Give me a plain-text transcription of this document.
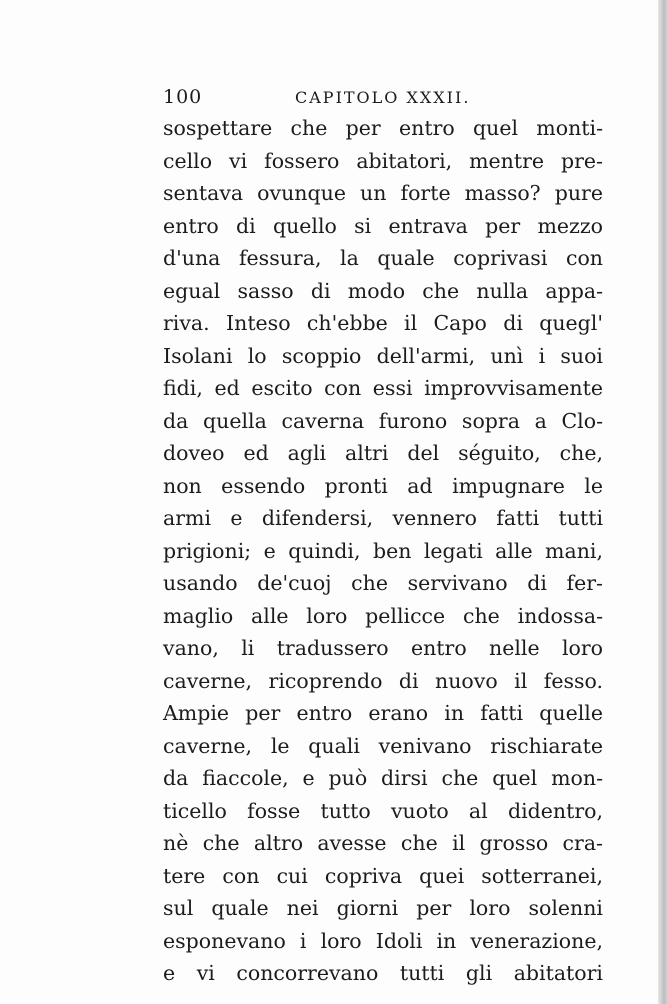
100	CAPITOLO XXXII.
sospettare che per entro quel monti-
cello vi fossero abitatori, mentre pre-
sentava ovunque un forte masso? pure
entro di quello si entrava per mezzo
d'una fessura, la quale coprivasi con
egual sasso di modo che nulla appa-
riva. Inteso ch'ebbe il Capo di quegl'
Isolani lo scoppio dell'armi, unì i suoi
fidi, ed escito con essi improvvisamente
da quella caverna furono sopra a Clo-
doveo ed agli altri del séguito, che,
non essendo pronti ad impugnare le
armi e difendersi, vennero fatti tutti
prigioni; e quindi, ben legati alle mani,
usando de'cuoj che servivano di fer-
maglio alle loro pellicce che indossa-
vano, li tradussero entro nelle loro
caverne, ricoprendo di nuovo il fesso.
Ampie per entro erano in fatti quelle
caverne, le quali venivano rischiarate
da fiaccole, e può dirsi che quel mon-
ticello fosse tutto vuoto al didentro,
nè che altro avesse che il grosso cra-
tere con cui copriva quei sotterranei,
sul quale nei giorni per loro solenni
esponevano i loro Idoli in venerazione,
e vi concorrevano tutti gli abitatori
